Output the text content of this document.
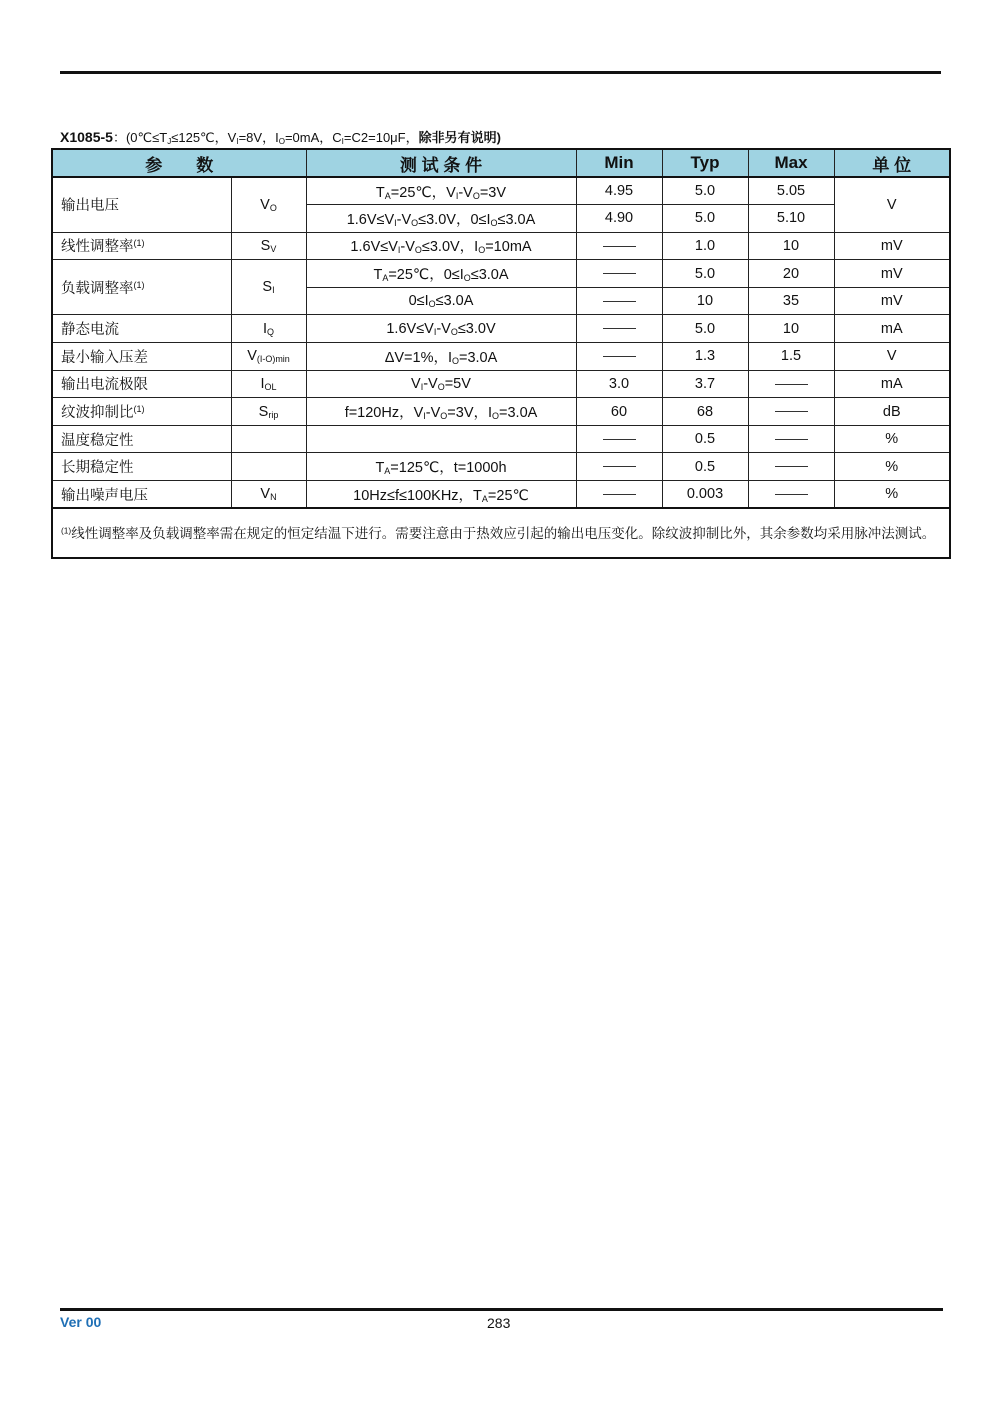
X1085-5：($0℃\le T_J\le 125℃$，$V_I=8V$，$I_O=0mA$，$C_I=C2=10\mu F$，除非另有说明)
参　　数		测 试 条 件	Min	Typ	Max	单 位
输出电压	$V_O$	$T_A=25℃$，$V_I-V_O=3V$	4.95	5.0	5.05	V
		$1.6V\le V_I-V_O\le 3.0V$，$0\le I_O\le 3.0A$	4.90	5.0	5.10	
线性调整率$^{(1)}$	$S_V$	$1.6V\le V_I-V_O\le 3.0V$，$I_O=10mA$		1.0	10	mV
负载调整率$^{(1)}$	$S_I$	$T_A=25℃$，$0\le I_O\le 3.0A$		5.0	20	mV
		$0\le I_O\le 3.0A$		10	35	mV
静态电流	$I_Q$	$1.6V\le V_I-V_O\le 3.0V$		5.0	10	mA
最小输入压差	$V_{(I-O)min}$	ΔV=1%，$I_O=3.0A$		1.3	1.5	V
输出电流极限	$I_{OL}$	$V_I-V_O=5V$	3.0	3.7		mA
纹波抑制比$^{(1)}$	$S_{rip}$	f=120Hz，$V_I-V_O=3V$，$I_O=3.0A$	60	68		dB
温度稳定性				0.5		%
长期稳定性		$T_A=125℃$，t=1000h		0.5		%
输出噪声电压	$V_N$	10Hz≤f≤100KHz，$T_A=25℃$		0.003		%
$^{(1)}$线性调整率及负载调整率需在规定的恒定结温下进行。需要注意由于热效应引起的输出电压变化。除纹波抑制比外，其余参数均采用脉冲法测试。						
Ver 00	283
